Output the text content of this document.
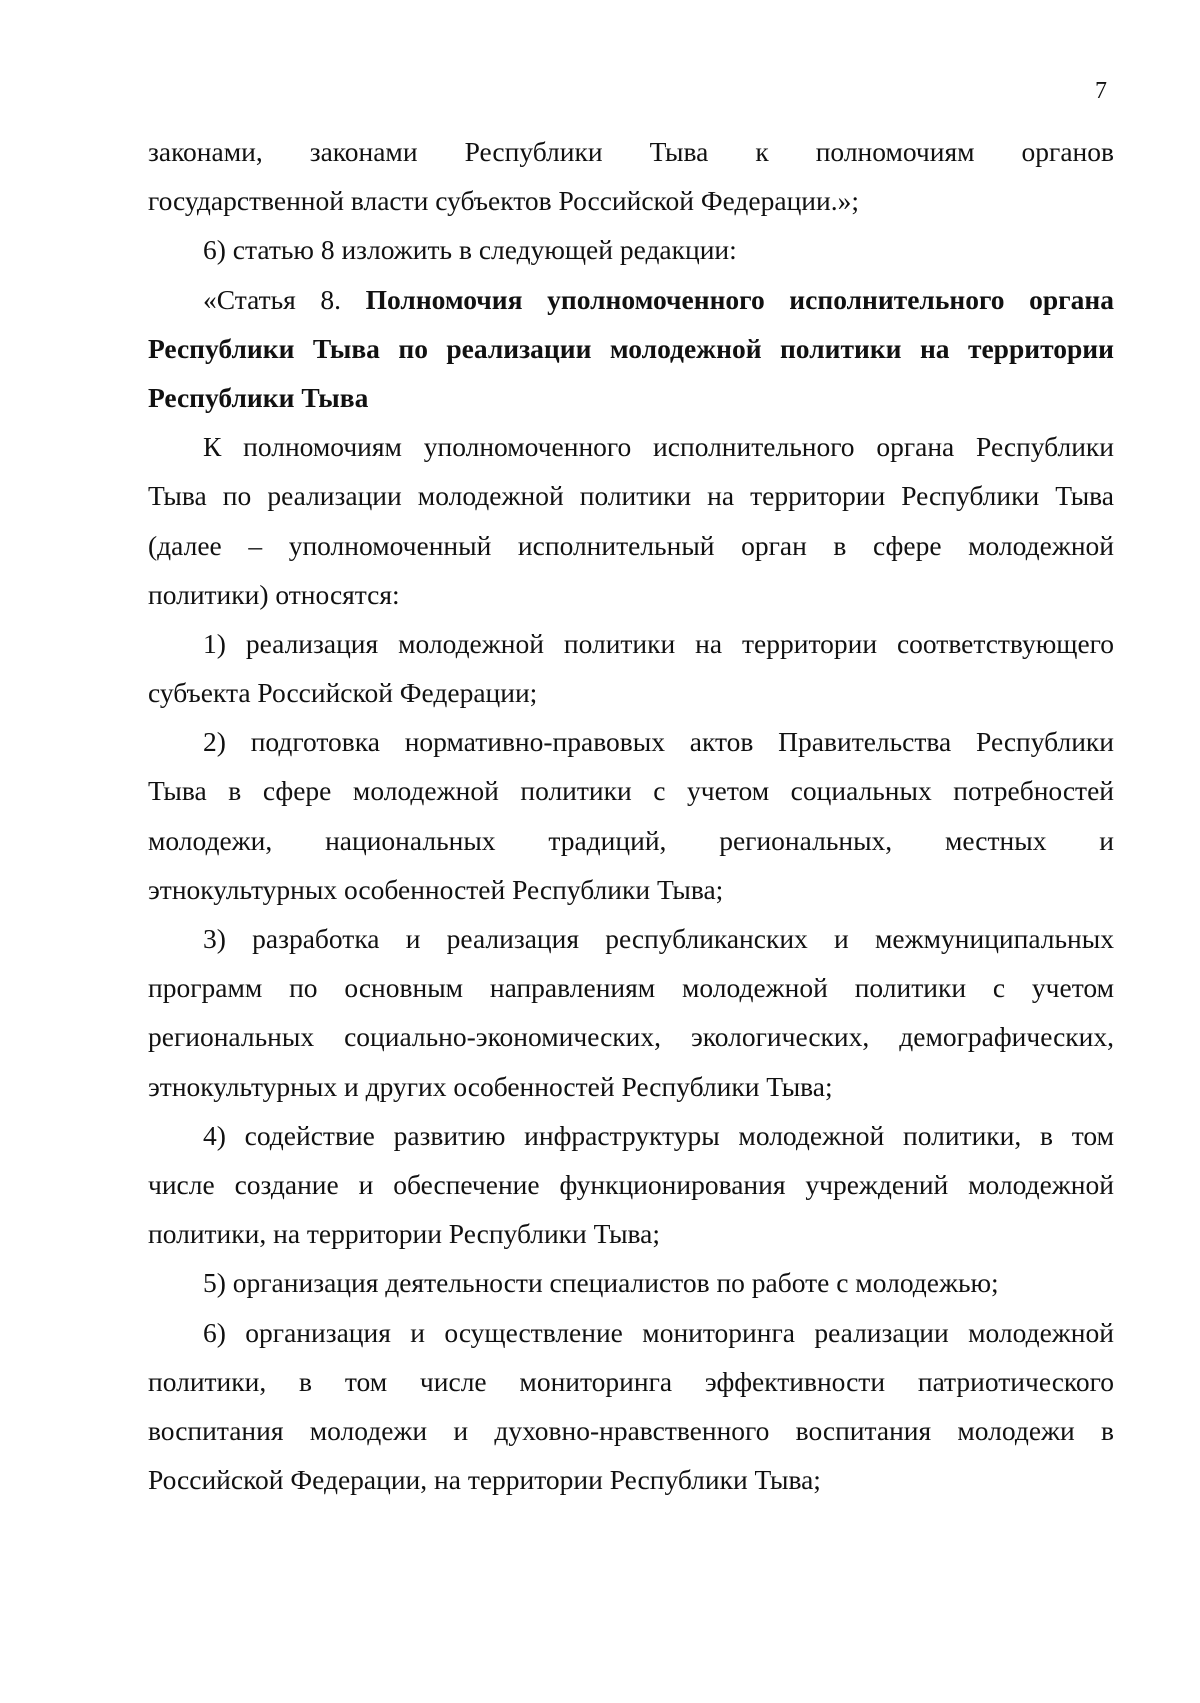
7
законами, законами Республики Тыва к полномочиям органов
государственной власти субъектов Российской Федерации.»;
6) статью 8 изложить в следующей редакции:
«Статья 8. Полномочия уполномоченного исполнительного органа
Республики Тыва по реализации молодежной политики на территории
Республики Тыва
К полномочиям уполномоченного исполнительного органа Республики
Тыва по реализации молодежной политики на территории Республики Тыва
(далее – уполномоченный исполнительный орган в сфере молодежной
политики) относятся:
1) реализация молодежной политики на территории соответствующего
субъекта Российской Федерации;
2) подготовка нормативно-правовых актов Правительства Республики
Тыва в сфере молодежной политики с учетом социальных потребностей
молодежи, национальных традиций, региональных, местных и
этнокультурных особенностей Республики Тыва;
3) разработка и реализация республиканских и межмуниципальных
программ по основным направлениям молодежной политики с учетом
региональных социально-экономических, экологических, демографических,
этнокультурных и других особенностей Республики Тыва;
4) содействие развитию инфраструктуры молодежной политики, в том
числе создание и обеспечение функционирования учреждений молодежной
политики, на территории Республики Тыва;
5) организация деятельности специалистов по работе с молодежью;
6) организация и осуществление мониторинга реализации молодежной
политики, в том числе мониторинга эффективности патриотического
воспитания молодежи и духовно-нравственного воспитания молодежи в
Российской Федерации, на территории Республики Тыва;
